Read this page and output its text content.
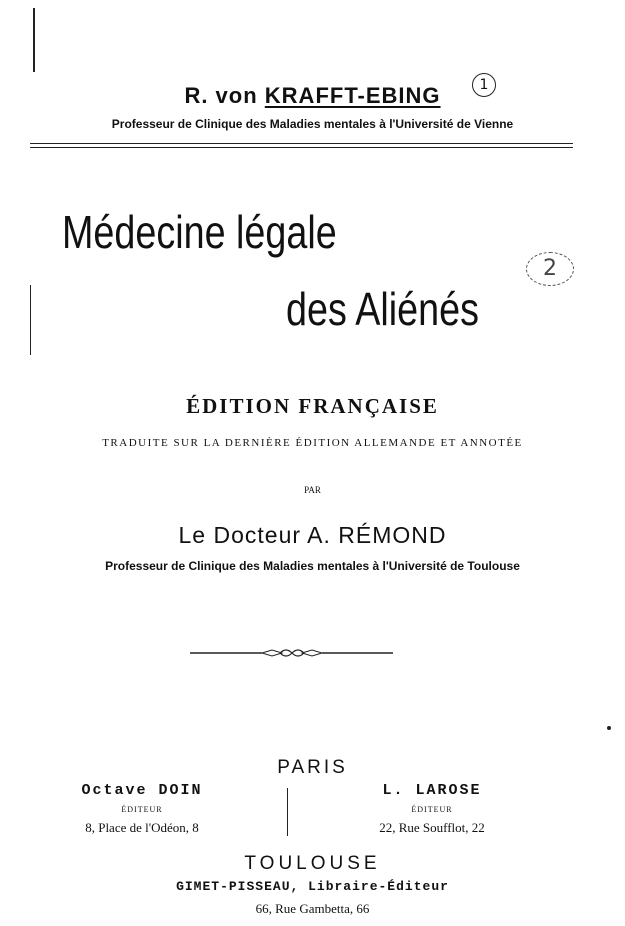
R. von KRAFFT-EBING	1
Professeur de Clinique des Maladies mentales à l'Université de Vienne
Médecine légale
des Aliénés
2
ÉDITION FRANÇAISE
TRADUITE SUR LA DERNIÈRE ÉDITION ALLEMANDE ET ANNOTÉE
PAR
Le Docteur A. RÉMOND
Professeur de Clinique des Maladies mentales à l'Université de Toulouse
PARIS
Octave DOIN
ÉDITEUR
8, Place de l'Odéon, 8
L. LAROSE
ÉDITEUR
22, Rue Soufflot, 22
TOULOUSE
GIMET-PISSEAU, Libraire-Éditeur
66, Rue Gambetta, 66
